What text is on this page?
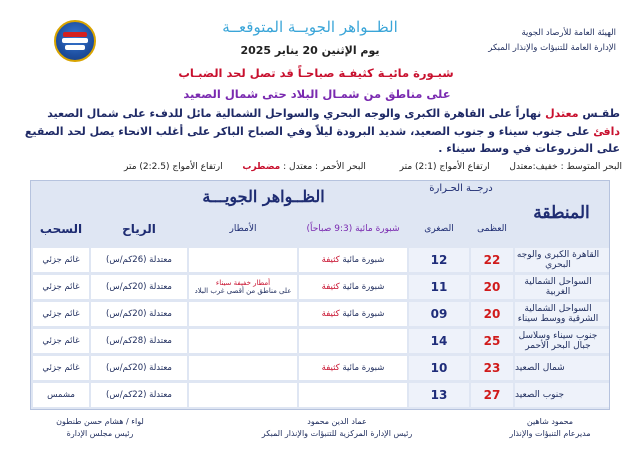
الهيئة العامة للأرصاد الجوية
الإدارة العامة للتنبؤات والإنذار المبكر
الظــواهر الجويــة المتوقعــة
يوم الإثنين 20 يناير 2025
شبـورة مائيـة كثيفـة صباحـاً قد تصل لحد الضبـاب
على مناطق من شمـال البلاد حتى شمال الصعيد
طقـس معتدل نهاراً على القاهرة الكبرى والوجه البحري والسواحل الشمالية مائل للدفء على شمال الصعيد دافئ على جنوب سيناء و جنوب الصعيد، شديد البرودة ليلاً وفي الصباح الباكر على أغلب الانحاء يصل لحد الصقيع على المزروعات في وسط سيناء .
البحر المتوسط : خفيف:معتدل  ارتفاع الأمواج (2:1) متر  البحر الأحمر : معتدل : مضطرب  ارتفاع الأمواج (2:2.5) متر
المنطقة
درجــة الحـرارة
الظــواهر الجويـــة
العظمى
الصغرى
شبورة مائية (9:3 صباحاً)
الأمطار
الرياح
السحب
القاهرة الكبرى والوجه البحري
22
12
شبورة مائية

كثيفة
معتدلة (26كم/س)
غائم جزئي
السواحل الشمالية الغربية
20
11
شبورة مائية

كثيفة
أمطار خفيفة سيناء
على مناطق من أقصى غرب البلاد
معتدلة (20كم/س)
غائم جزئي
السواحل الشمالية الشرقية ووسط سيناء
20
09
شبورة مائية

كثيفة
معتدلة (20كم/س)
غائم جزئي
جنوب سيناء وسلاسل جبال البحر الأحمر
25
14
معتدلة (28كم/س)
غائم جزئي
شمال الصعيد
23
10
شبورة مائية

كثيفة
معتدلة (20كم/س)
غائم جزئي
جنوب الصعيد
27
13
معتدلة (22كم/س)
مشمس
محمود شاهين
مديرعام التنبؤات والإنذار
عماد الدين محمود
رئيس الإدارة المركزية للتنبؤات والإنذار المبكر
لواء / هشام حسن طنطون
رئيس مجلس الإدارة
